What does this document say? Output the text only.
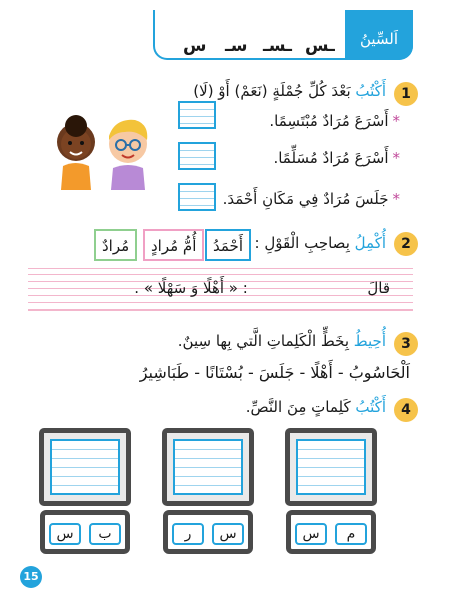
اَلسِّينُ
ـس
ـسـ
سـ
س
1
أَكْتُبُ بَعْدَ كُلِّ جُمْلَةٍ (نَعَمْ) أَوْ (لَا)
*أَسْرَعَ مُرَادٌ مُبْتَسِمًا.
*أَسْرَعَ مُرَادٌ مُسَلِّمًا.
*جَلَسَ مُرَادٌ فِي مَكَانِ أَحْمَدَ.
2
أُكْمِلُ بِصاحِبِ الْقَوْلِ :
أَحْمَدُ
أُمُّ مُرادٍ
مُرادٌ
قالَ  : « أَهْلًا وَ سَهْلًا » .
3
أُحِيطُ بِخَطٍّ الْكَلِماتِ الَّتي بِها سِينٌ.
اَلْحَاسُوبُ - أَهْلًا - جَلَسَ - بُسْتَانًا - طَبَاشِيرُ
4
أَكْتُبُ كَلِماتٍ مِنَ النَّصِّ.
س	ب	س
ر	م
س
15
